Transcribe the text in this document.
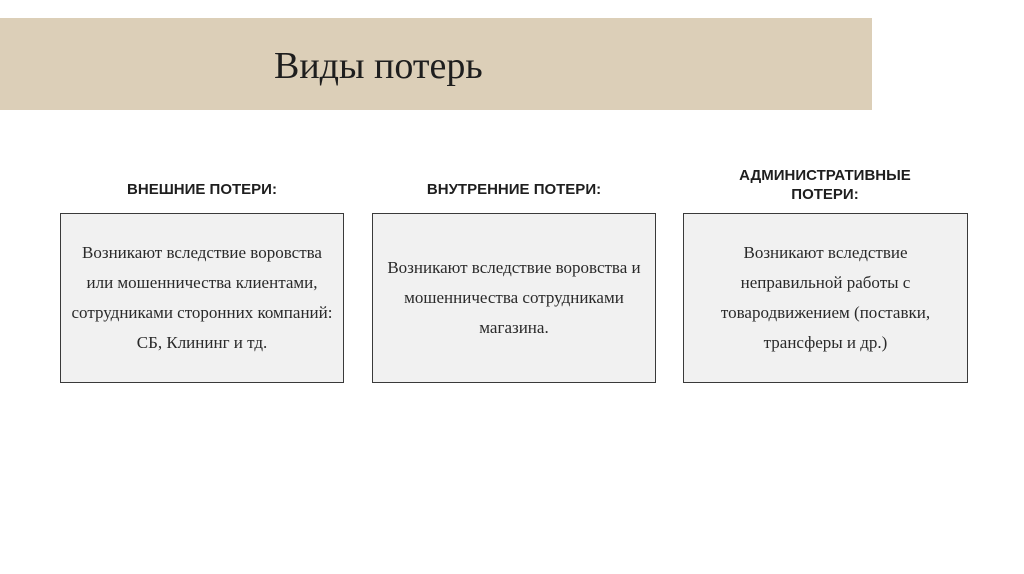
Виды потерь
ВНЕШНИЕ ПОТЕРИ:
Возникают вследствие воровства или мошенничества клиентами, сотрудниками сторонних компаний: СБ, Клининг и тд.
ВНУТРЕННИЕ ПОТЕРИ:
Возникают вследствие воровства и мошенничества сотрудниками магазина.
АДМИНИСТРАТИВНЫЕ ПОТЕРИ:
Возникают вследствие неправильной работы с товародвижением (поставки, трансферы и др.)
